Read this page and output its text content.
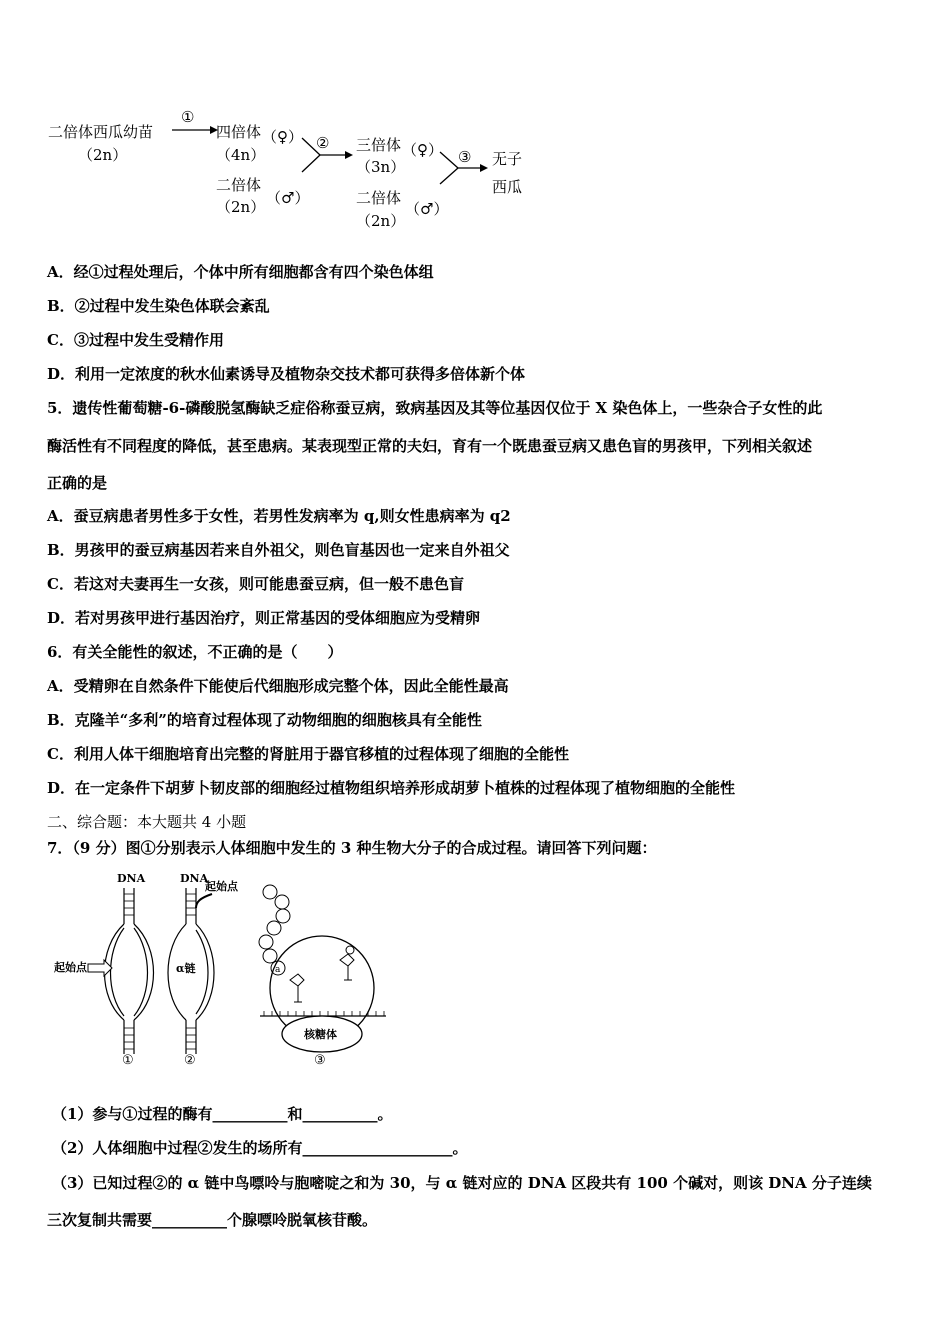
二倍体西瓜幼苗
（2n）
①
四倍体 （♀）
（4n）
二倍体
（♂）
（2n）
② 三倍体 （♀）
（3n）
二倍体
（♂）
（2n）
③ 无子
西瓜
A．经①过程处理后，个体中所有细胞都含有四个染色体组
B．②过程中发生染色体联会紊乱
C．③过程中发生受精作用
D．利用一定浓度的秋水仙素诱导及植物杂交技术都可获得多倍体新个体
5．遗传性葡萄糖-6-磷酸脱氢酶缺乏症俗称蚕豆病，致病基因及其等位基因仅位于 X 染色体上，一些杂合子女性的此
酶活性有不同程度的降低，甚至患病。某表现型正常的夫妇，育有一个既患蚕豆病又患色盲的男孩甲，下列相关叙述
正确的是
A．蚕豆病患者男性多于女性，若男性发病率为 q,则女性患病率为 q2
B．男孩甲的蚕豆病基因若来自外祖父，则色盲基因也一定来自外祖父
C．若这对夫妻再生一女孩，则可能患蚕豆病，但一般不患色盲
D．若对男孩甲进行基因治疗，则正常基因的受体细胞应为受精卵
6．有关全能性的叙述，不正确的是（　　）
A．受精卵在自然条件下能使后代细胞形成完整个体，因此全能性最高
B．克隆羊“多利”的培育过程体现了动物细胞的细胞核具有全能性
C．利用人体干细胞培育出完整的肾脏用于器官移植的过程体现了细胞的全能性
D．在一定条件下胡萝卜韧皮部的细胞经过植物组织培养形成胡萝卜植株的过程体现了植物细胞的全能性
二、综合题：本大题共 4 小题
7．（9 分）图①分别表示人体细胞中发生的 3 种生物大分子的合成过程。请回答下列问题：
DNA
起始点
①
DNA
起始点
α链
②
a
核糖体
③
（1）参与①过程的酶有__________和__________。
（2）人体细胞中过程②发生的场所有____________________。
（3）已知过程②的 α 链中鸟嘌呤与胞嘧啶之和为 30，与 α 链对应的 DNA 区段共有 100 个碱对，则该 DNA 分子连续
三次复制共需要__________个腺嘌呤脱氧核苷酸。
